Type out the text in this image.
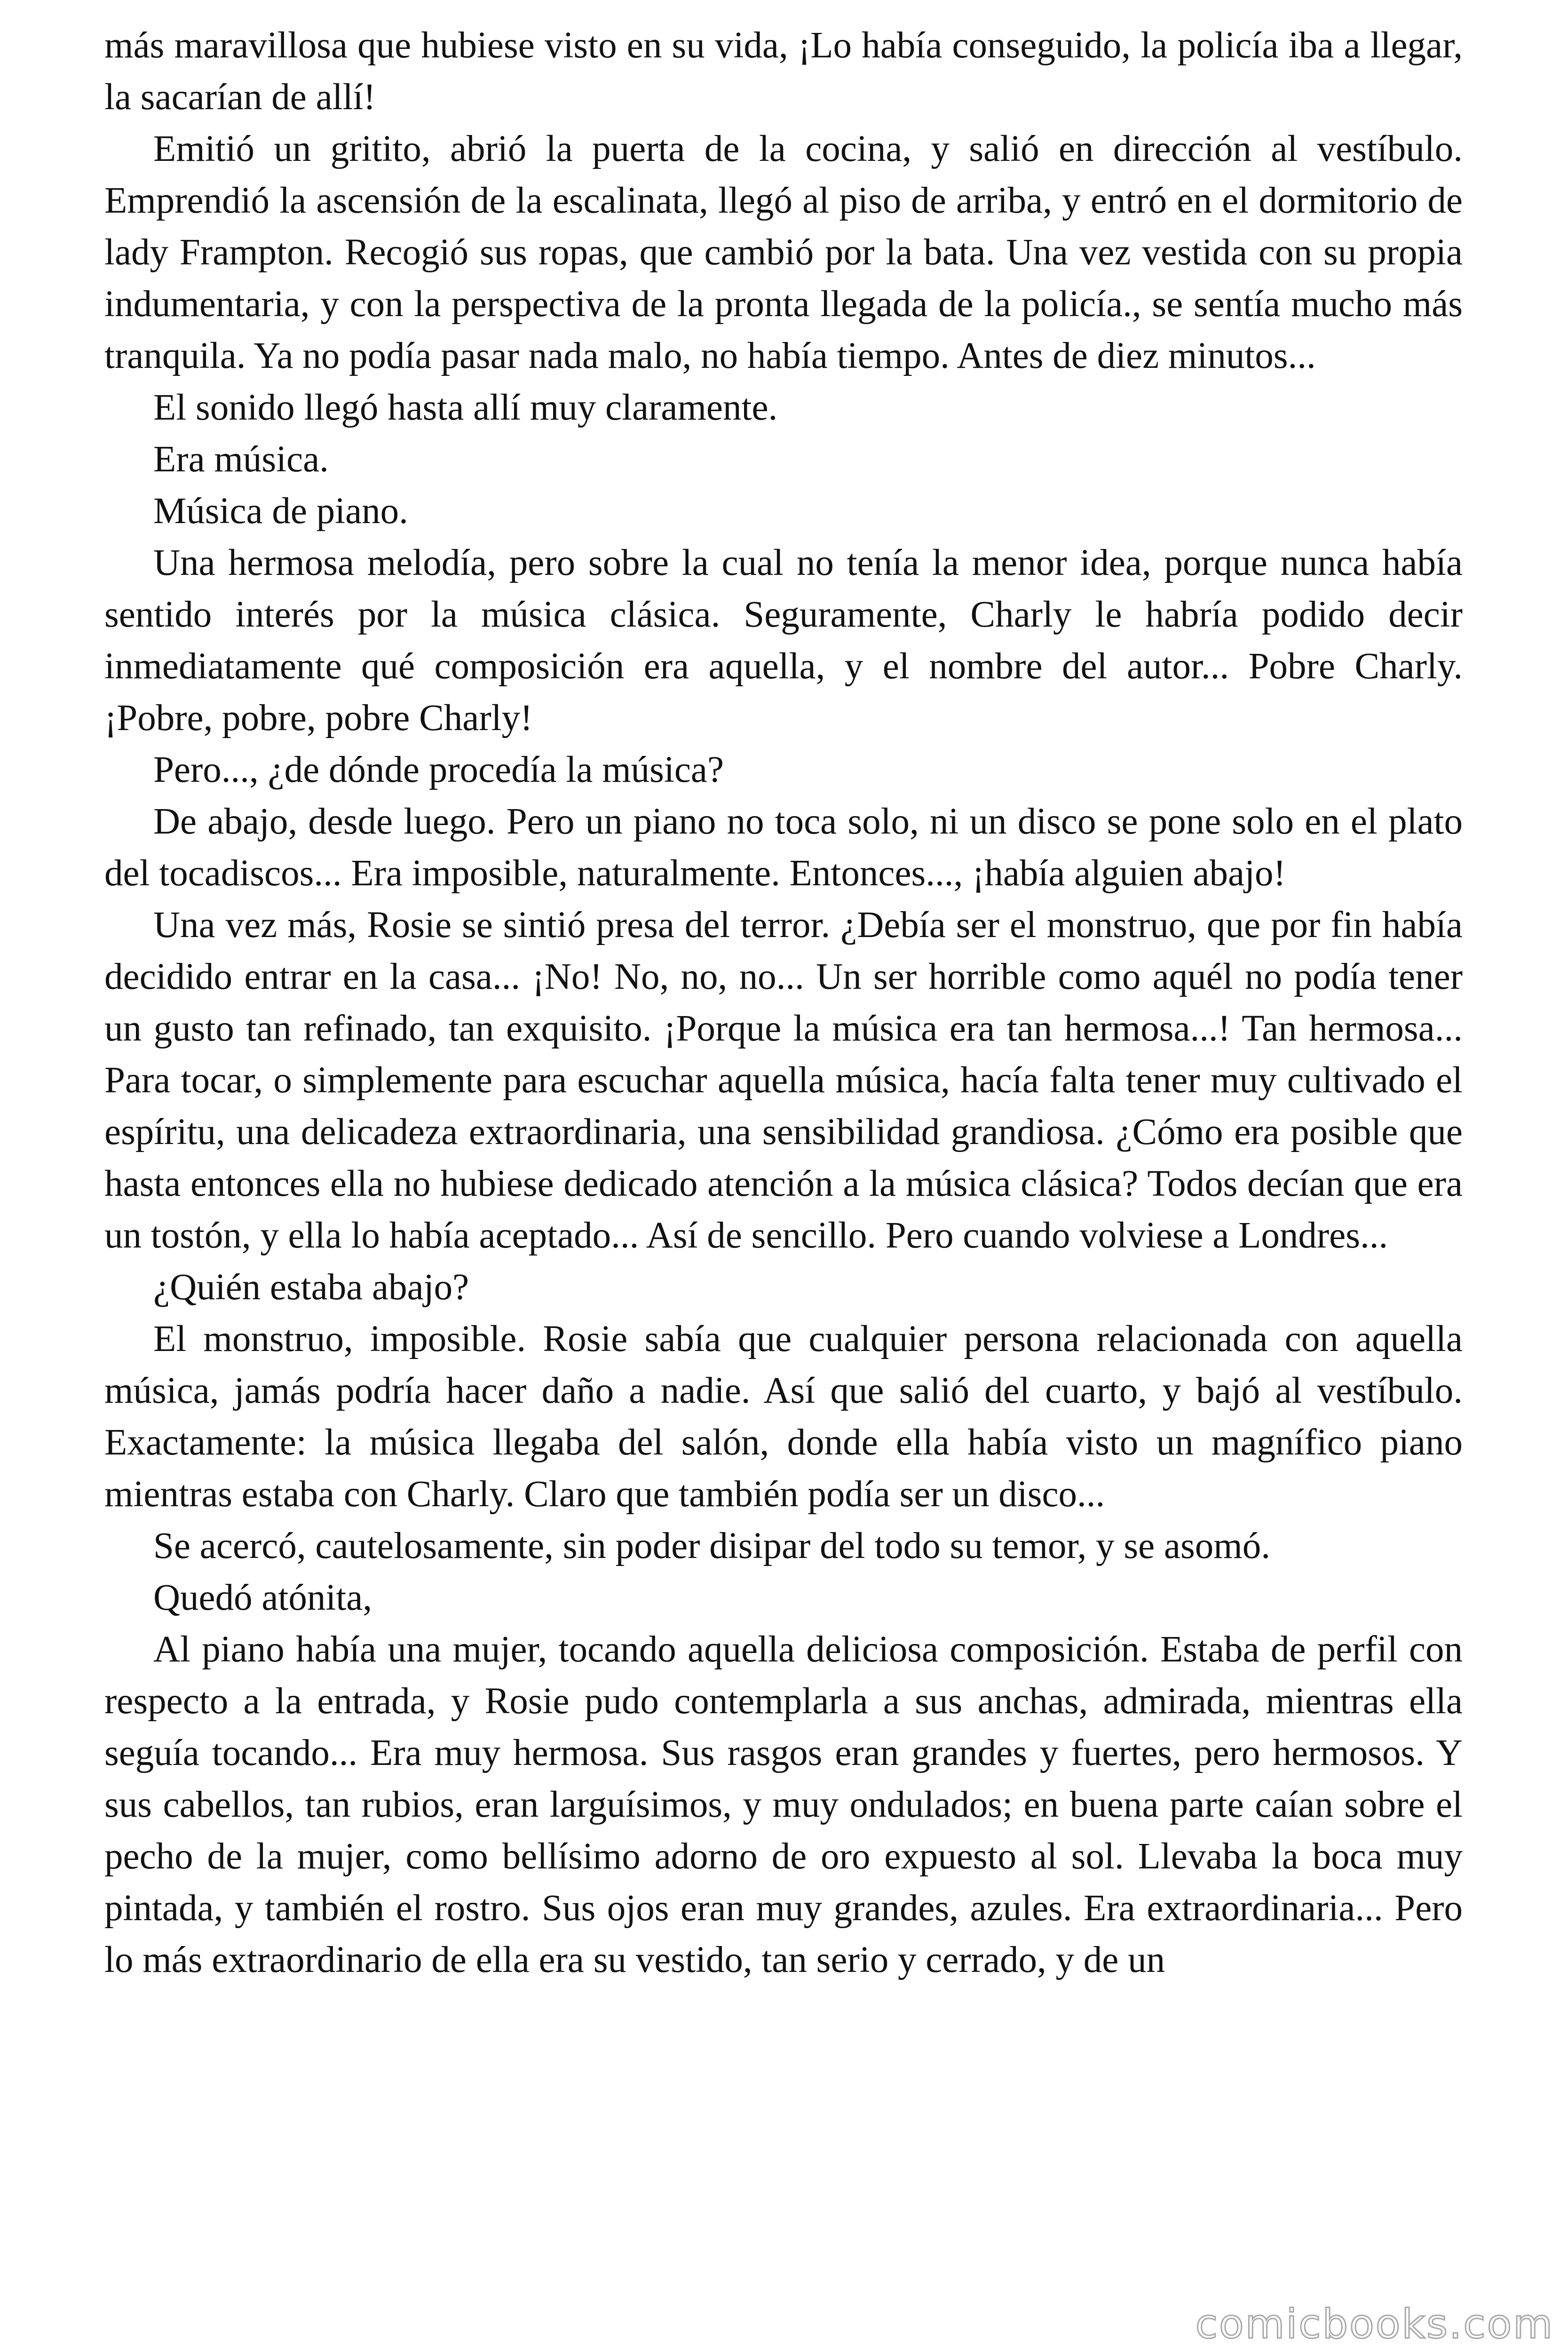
más maravillosa que hubiese visto en su vida, ¡Lo había conseguido, la policía iba a llegar, la sacarían de allí!

Emitió un gritito, abrió la puerta de la cocina, y salió en dirección al vestíbulo. Emprendió la ascensión de la escalinata, llegó al piso de arriba, y entró en el dormitorio de lady Frampton. Recogió sus ropas, que cambió por la bata. Una vez vestida con su propia indumentaria, y con la perspectiva de la pronta llegada de la policía., se sentía mucho más tranquila. Ya no podía pasar nada malo, no había tiempo. Antes de diez minutos...

El sonido llegó hasta allí muy claramente.

Era música.

Música de piano.

Una hermosa melodía, pero sobre la cual no tenía la menor idea, porque nunca había sentido interés por la música clásica. Seguramente, Charly le habría podido decir inmediatamente qué composición era aquella, y el nombre del autor... Pobre Charly. ¡Pobre, pobre, pobre Charly!

Pero..., ¿de dónde procedía la música?

De abajo, desde luego. Pero un piano no toca solo, ni un disco se pone solo en el plato del tocadiscos... Era imposible, naturalmente. Entonces..., ¡había alguien abajo!

Una vez más, Rosie se sintió presa del terror. ¿Debía ser el monstruo, que por fin había decidido entrar en la casa... ¡No! No, no, no... Un ser horrible como aquél no podía tener un gusto tan refinado, tan exquisito. ¡Porque la música era tan hermosa...! Tan hermosa... Para tocar, o simplemente para escuchar aquella música, hacía falta tener muy cultivado el espíritu, una delicadeza extraordinaria, una sensibilidad grandiosa. ¿Cómo era posible que hasta entonces ella no hubiese dedicado atención a la música clásica? Todos decían que era un tostón, y ella lo había aceptado... Así de sencillo. Pero cuando volviese a Londres...

¿Quién estaba abajo?

El monstruo, imposible. Rosie sabía que cualquier persona relacionada con aquella música, jamás podría hacer daño a nadie. Así que salió del cuarto, y bajó al vestíbulo. Exactamente: la música llegaba del salón, donde ella había visto un magnífico piano mientras estaba con Charly. Claro que también podía ser un disco...

Se acercó, cautelosamente, sin poder disipar del todo su temor, y se asomó.

Quedó atónita,

Al piano había una mujer, tocando aquella deliciosa composición. Estaba de perfil con respecto a la entrada, y Rosie pudo contemplarla a sus anchas, admirada, mientras ella seguía tocando... Era muy hermosa. Sus rasgos eran grandes y fuertes, pero hermosos. Y sus cabellos, tan rubios, eran larguísimos, y muy ondulados; en buena parte caían sobre el pecho de la mujer, como bellísimo adorno de oro expuesto al sol. Llevaba la boca muy pintada, y también el rostro. Sus ojos eran muy grandes, azules. Era extraordinaria... Pero lo más extraordinario de ella era su vestido, tan serio y cerrado, y de un

comicbooks.com
